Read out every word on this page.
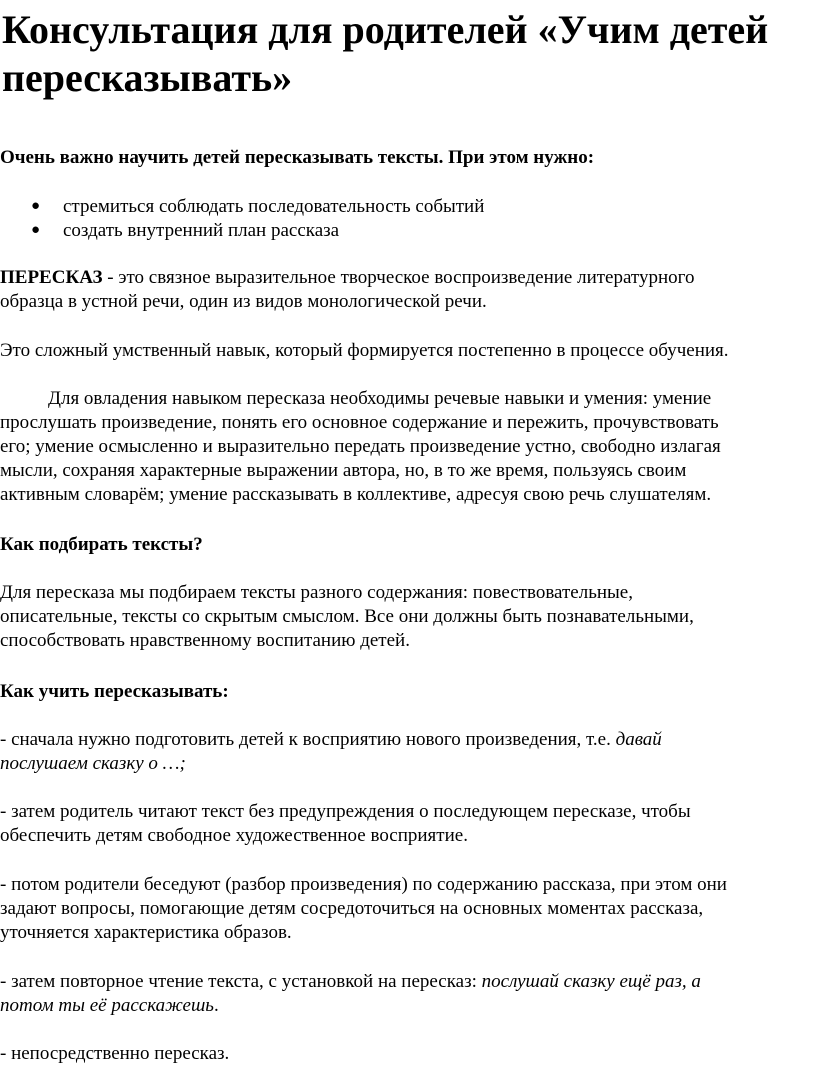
Консультация для родителей «Учим детей
пересказывать»

Очень важно научить детей пересказывать тексты. При этом нужно:

● стремиться соблюдать последовательность событий
● создать внутренний план рассказа

ПЕРЕСКАЗ - это связное выразительное творческое воспроизведение литературного

образца в устной речи, один из видов монологической речи.

Это сложный умственный навык, который формируется постепенно в процессе обучения.

Для овладения навыком пересказа необходимы речевые навыки и умения: умение

прослушать произведение, понять его основное содержание и пережить, прочувствовать

его; умение осмысленно и выразительно передать произведение устно, свободно излагая

мысли, сохраняя характерные выражении автора, но, в то же время, пользуясь своим

активным словарём; умение рассказывать в коллективе, адресуя свою речь слушателям.

Как подбирать тексты?

Для пересказа мы подбираем тексты разного содержания: повествовательные,

описательные, тексты со скрытым смыслом. Все они должны быть познавательными,

способствовать нравственному воспитанию детей.

Как учить пересказывать:

- сначала нужно подготовить детей к восприятию нового произведения, т.е. давай

послушаем сказку о …;

- затем родитель читают текст без предупреждения о последующем пересказе, чтобы

обеспечить детям свободное художественное восприятие.

- потом родители беседуют (разбор произведения) по содержанию рассказа, при этом они

задают вопросы, помогающие детям сосредоточиться на основных моментах рассказа,

уточняется характеристика образов.

- затем повторное чтение текста, с установкой на пересказ: послушай сказку ещё раз, а

потом ты её расскажешь.

- непосредственно пересказ.
